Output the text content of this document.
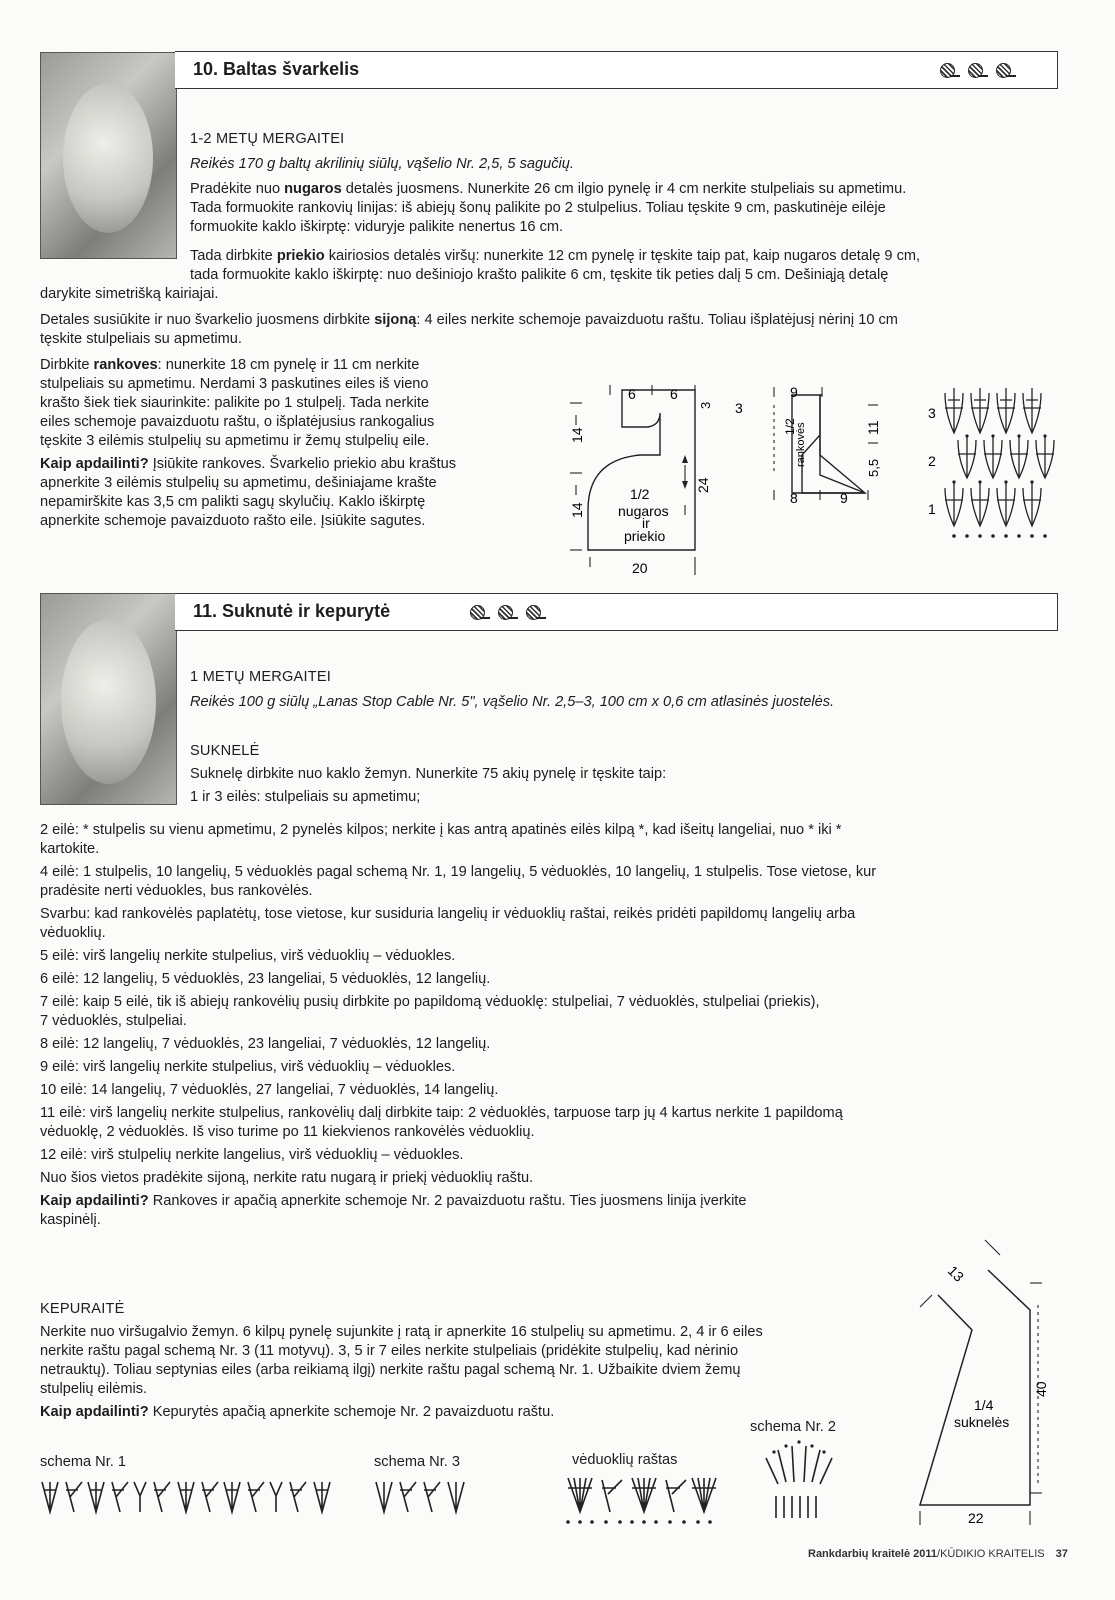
10. Baltas švarkelis
1-2 METŲ MERGAITEI
Reikės 170 g baltų akrilinių siūlų, vąšelio Nr. 2,5, 5 sagučių.
Pradėkite nuo nugaros detalės juosmens. Nunerkite 26 cm ilgio pynelę ir 4 cm nerkite stulpeliais su apmetimu.
Tada formuokite rankovių linijas: iš abiejų šonų palikite po 2 stulpelius. Toliau tęskite 9 cm, paskutinėje eilėje
formuokite kaklo iškirptę: viduryje palikite nenertus 16 cm.
Tada dirbkite priekio kairiosios detalės viršų: nunerkite 12 cm pynelę ir tęskite taip pat, kaip nugaros detalę 9 cm,
tada formuokite kaklo iškirptę: nuo dešiniojo krašto palikite 6 cm, tęskite tik peties dalį 5 cm. Dešiniąją detalę
darykite simetrišką kairiajai.
Detales susiūkite ir nuo švarkelio juosmens dirbkite sijoną: 4 eiles nerkite schemoje pavaizduotu raštu. Toliau išplatėjusį nėrinį 10 cm
tęskite stulpeliais su apmetimu.
Dirbkite rankoves: nunerkite 18 cm pynelę ir 11 cm nerkite
stulpeliais su apmetimu. Nerdami 3 paskutines eiles iš vieno
krašto šiek tiek siaurinkite: palikite po 1 stulpelį. Tada nerkite
eiles schemoje pavaizduotu raštu, o išplatėjusius rankogalius
tęskite 3 eilėmis stulpelių su apmetimu ir žemų stulpelių eile.
Kaip apdailinti? Įsiūkite rankoves. Švarkelio priekio abu kraštus
apnerkite 3 eilėmis stulpelių su apmetimu, dešiniajame krašte
nepamirškite kas 3,5 cm palikti sagų skylučių. Kaklo iškirptę
apnerkite schemoje pavaizduoto rašto eile. Įsiūkite sagutes.
6 6
3 3
14
14
24
1/2
nugaros
ir
priekio
20
9
1/2
rankovės	11
5,5
8	9
3
2
1
11. Suknutė ir kepurytė
1 METŲ MERGAITEI
Reikės 100 g siūlų „Lanas Stop Cable Nr. 5", vąšelio Nr. 2,5–3, 100 cm x 0,6 cm atlasinės juostelės.
SUKNELĖ
Suknelę dirbkite nuo kaklo žemyn. Nunerkite 75 akių pynelę ir tęskite taip:
1 ir 3 eilės: stulpeliais su apmetimu;
2 eilė: * stulpelis su vienu apmetimu, 2 pynelės kilpos; nerkite į kas antrą apatinės eilės kilpą *, kad išeitų langeliai, nuo * iki *
kartokite.
4 eilė: 1 stulpelis, 10 langelių, 5 vėduoklės pagal schemą Nr. 1, 19 langelių, 5 vėduoklės, 10 langelių, 1 stulpelis. Tose vietose, kur
pradėsite nerti vėduokles, bus rankovėlės.
Svarbu: kad rankovėlės paplatėtų, tose vietose, kur susiduria langelių ir vėduoklių raštai, reikės pridėti papildomų langelių arba
vėduoklių.
5 eilė: virš langelių nerkite stulpelius, virš vėduoklių – vėduokles.
6 eilė: 12 langelių, 5 vėduoklės, 23 langeliai, 5 vėduoklės, 12 langelių.
7 eilė: kaip 5 eilė, tik iš abiejų rankovėlių pusių dirbkite po papildomą vėduoklę: stulpeliai, 7 vėduoklės, stulpeliai (priekis),
7 vėduoklės, stulpeliai.
8 eilė: 12 langelių, 7 vėduoklės, 23 langeliai, 7 vėduoklės, 12 langelių.
9 eilė: virš langelių nerkite stulpelius, virš vėduoklių – vėduokles.
10 eilė: 14 langelių, 7 vėduoklės, 27 langeliai, 7 vėduoklės, 14 langelių.
11 eilė: virš langelių nerkite stulpelius, rankovėlių dalį dirbkite taip: 2 vėduoklės, tarpuose tarp jų 4 kartus nerkite 1 papildomą
vėduoklę, 2 vėduoklės. Iš viso turime po 11 kiekvienos rankovėlės vėduoklių.
12 eilė: virš stulpelių nerkite langelius, virš vėduoklių – vėduokles.
Nuo šios vietos pradėkite sijoną, nerkite ratu nugarą ir priekį vėduoklių raštu.
Kaip apdailinti? Rankoves ir apačią apnerkite schemoje Nr. 2 pavaizduotu raštu. Ties juosmens linija įverkite
kaspinėlį.
KEPURAITĖ
Nerkite nuo viršugalvio žemyn. 6 kilpų pynelę sujunkite į ratą ir apnerkite 16 stulpelių su apmetimu. 2, 4 ir 6 eiles
nerkite raštu pagal schemą Nr. 3 (11 motyvų). 3, 5 ir 7 eiles nerkite stulpeliais (pridėkite stulpelių, kad nėrinio
netrauktų). Toliau septynias eiles (arba reikiamą ilgį) nerkite raštu pagal schemą Nr. 1. Užbaikite dviem žemų
stulpelių eilėmis.
Kaip apdailinti? Kepurytės apačią apnerkite schemoje Nr. 2 pavaizduotu raštu.
schema Nr. 1	schema Nr. 3	vėduoklių raštas
schema Nr. 2
13
40
1/4
suknelės
22
Rankdarbių kraitelė 2011/KŪDIKIO KRAITELIS 37
